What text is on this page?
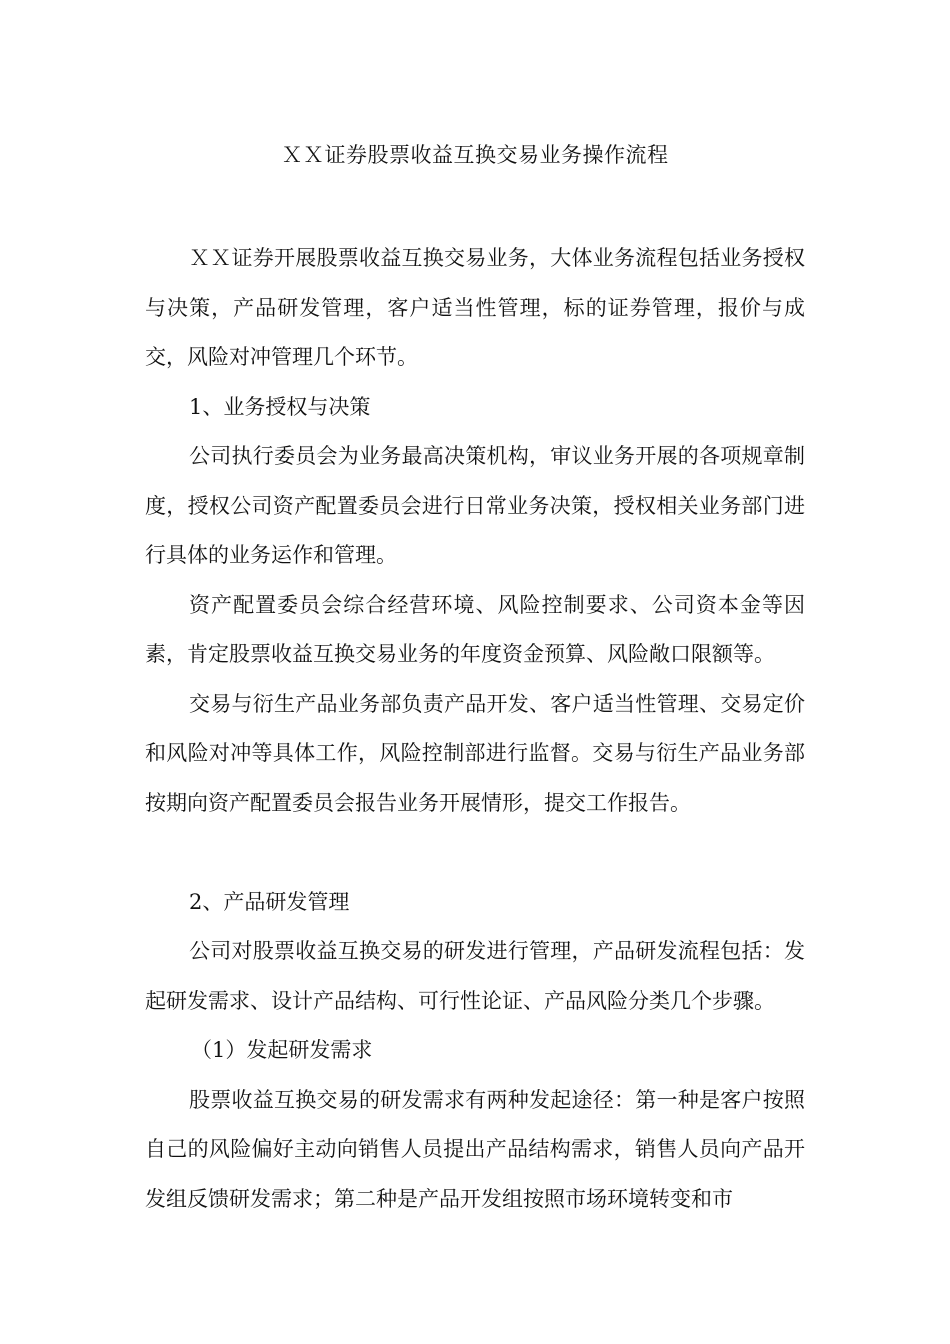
ＸＸ证券股票收益互换交易业务操作流程

ＸＸ证券开展股票收益互换交易业务，大体业务流程包括业务授权与决策，产品研发管理，客户适当性管理，标的证券管理，报价与成交，风险对冲管理几个环节。

1、业务授权与决策

公司执行委员会为业务最高决策机构，审议业务开展的各项规章制度，授权公司资产配置委员会进行日常业务决策，授权相关业务部门进行具体的业务运作和管理。

资产配置委员会综合经营环境、风险控制要求、公司资本金等因素，肯定股票收益互换交易业务的年度资金预算、风险敞口限额等。

交易与衍生产品业务部负责产品开发、客户适当性管理、交易定价和风险对冲等具体工作，风险控制部进行监督。交易与衍生产品业务部按期向资产配置委员会报告业务开展情形，提交工作报告。

2、产品研发管理

公司对股票收益互换交易的研发进行管理，产品研发流程包括：发起研发需求、设计产品结构、可行性论证、产品风险分类几个步骤。

（1）发起研发需求

股票收益互换交易的研发需求有两种发起途径：第一种是客户按照自己的风险偏好主动向销售人员提出产品结构需求，销售人员向产品开发组反馈研发需求；第二种是产品开发组按照市场环境转变和市
